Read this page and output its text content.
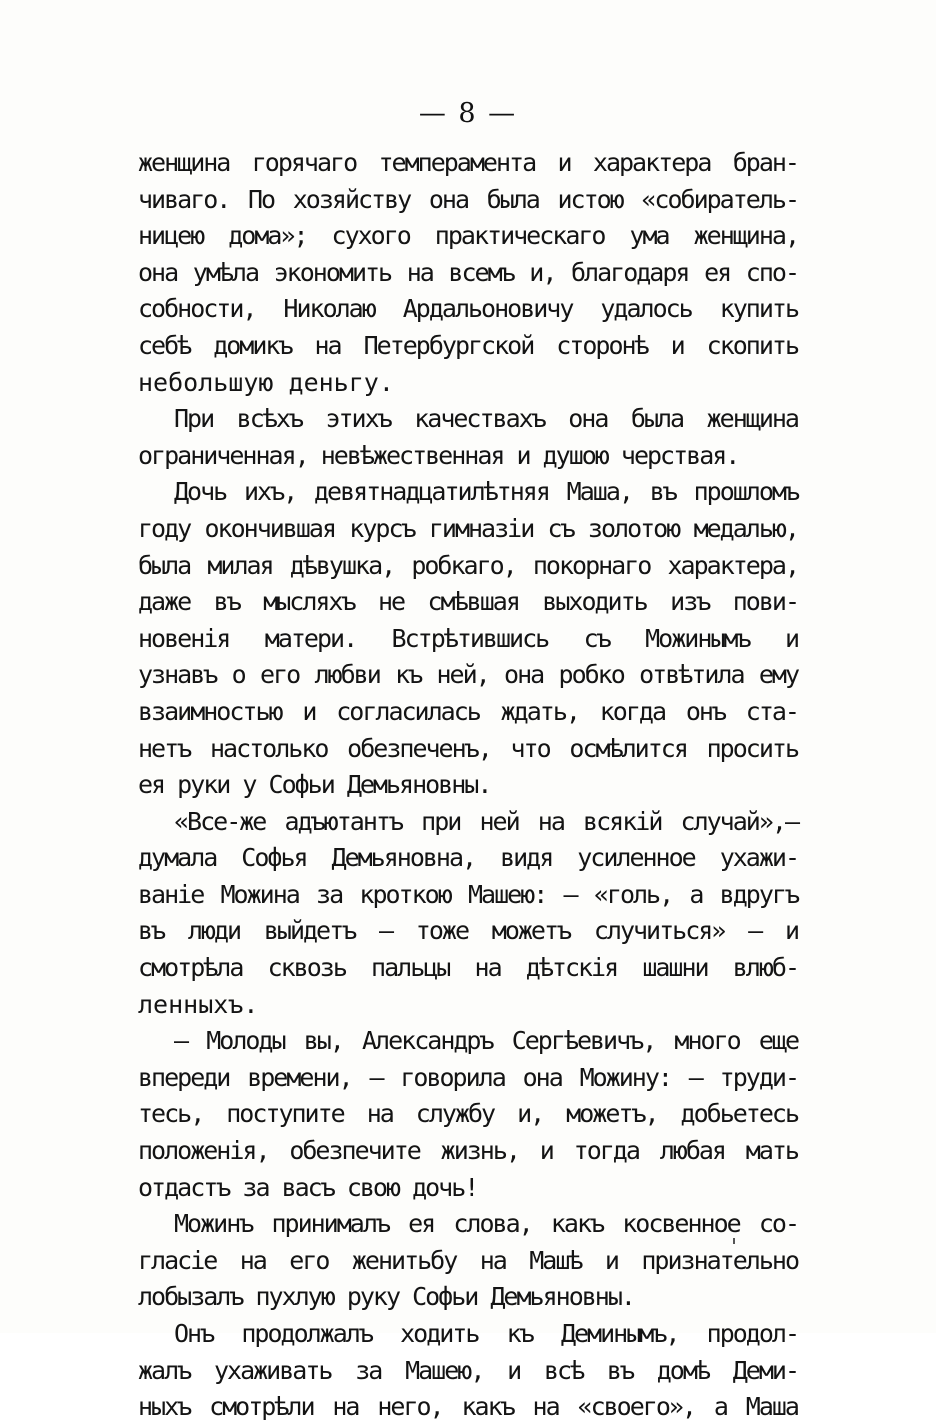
— 8 —
женщина горячаго темперамента и характера бран-
чиваго. По хозяйству она была истою «собиратель-
ницею дома»; сухого практическаго ума женщина,
она умѣла экономить на всемъ и, благодаря ея спо-
собности, Николаю Ардальоновичу удалось купить
себѣ домикъ на Петербургской сторонѣ и скопить
небольшую деньгу.
При всѣхъ этихъ качествахъ она была женщина
ограниченная, невѣжественная и душою черствая.
Дочь ихъ, девятнадцатилѣтняя Маша, въ прошломъ
году окончившая курсъ гимназіи съ золотою медалью,
была милая дѣвушка, робкаго, покорнаго характера,
даже въ мысляхъ не смѣвшая выходить изъ пови-
новенія матери. Встрѣтившись съ Можинымъ и
узнавъ о его любви къ ней, она робко отвѣтила ему
взаимностью и согласилась ждать, когда онъ ста-
нетъ настолько обезпеченъ, что осмѣлится просить
ея руки у Софьи Демьяновны.
«Все-же адъютантъ при ней на всякій случай»,—
думала Софья Демьяновна, видя усиленное ухажи-
ваніе Можина за кроткою Машею: — «голь, а вдругъ
въ люди выйдетъ — тоже можетъ случиться» — и
смотрѣла сквозь пальцы на дѣтскія шашни влюб-
ленныхъ.
— Молоды вы, Александръ Сергѣевичъ, много еще
впереди времени, — говорила она Можину: — труди-
тесь, поступите на службу и, можетъ, добьетесь
положенія, обезпечите жизнь, и тогда любая мать
отдастъ за васъ свою дочь!
Можинъ принималъ ея слова, какъ косвенное со-
гласіе на его женитьбу на Машѣ и признательно
лобызалъ пухлую руку Софьи Демьяновны.
Онъ продолжалъ ходить къ Деминымъ, продол-
жалъ ухаживать за Машею, и всѣ въ домѣ Деми-
ныхъ смотрѣли на него, какъ на «своего», а Маша
